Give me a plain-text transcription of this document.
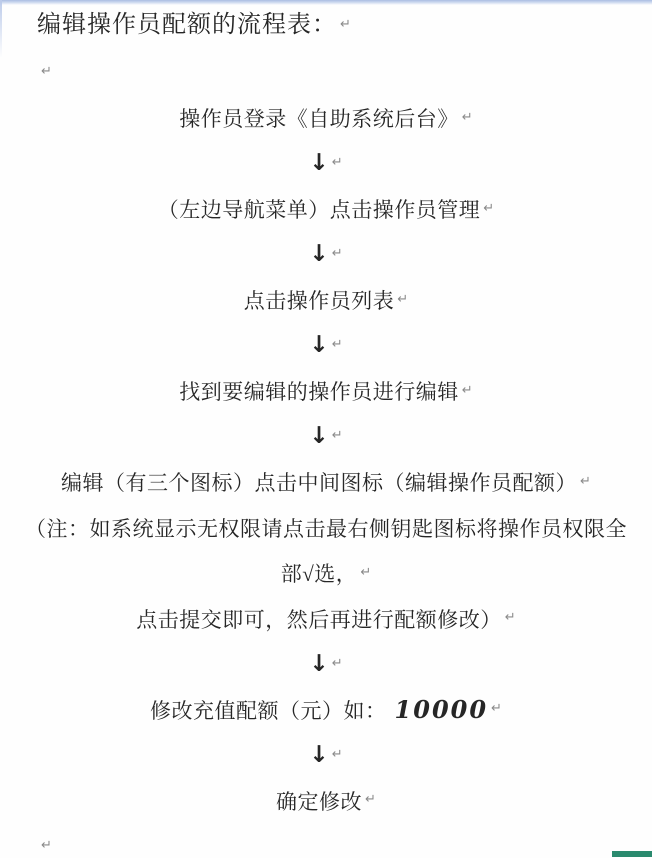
编辑操作员配额的流程表： ↵
↵
操作员登录《自助系统后台》 ↵
↓ ↵
（左边导航菜单）点击操作员管理 ↵
↓ ↵
点击操作员列表 ↵
↓ ↵
找到要编辑的操作员进行编辑 ↵
↓ ↵
编辑（有三个图标）点击中间图标（编辑操作员配额） ↵
（注：如系统显示无权限请点击最右侧钥匙图标将操作员权限全
部√选， ↵
点击提交即可，然后再进行配额修改） ↵
↓ ↵
修改充值配额（元）如： 10000 ↵
↓ ↵
确定修改 ↵
↵
